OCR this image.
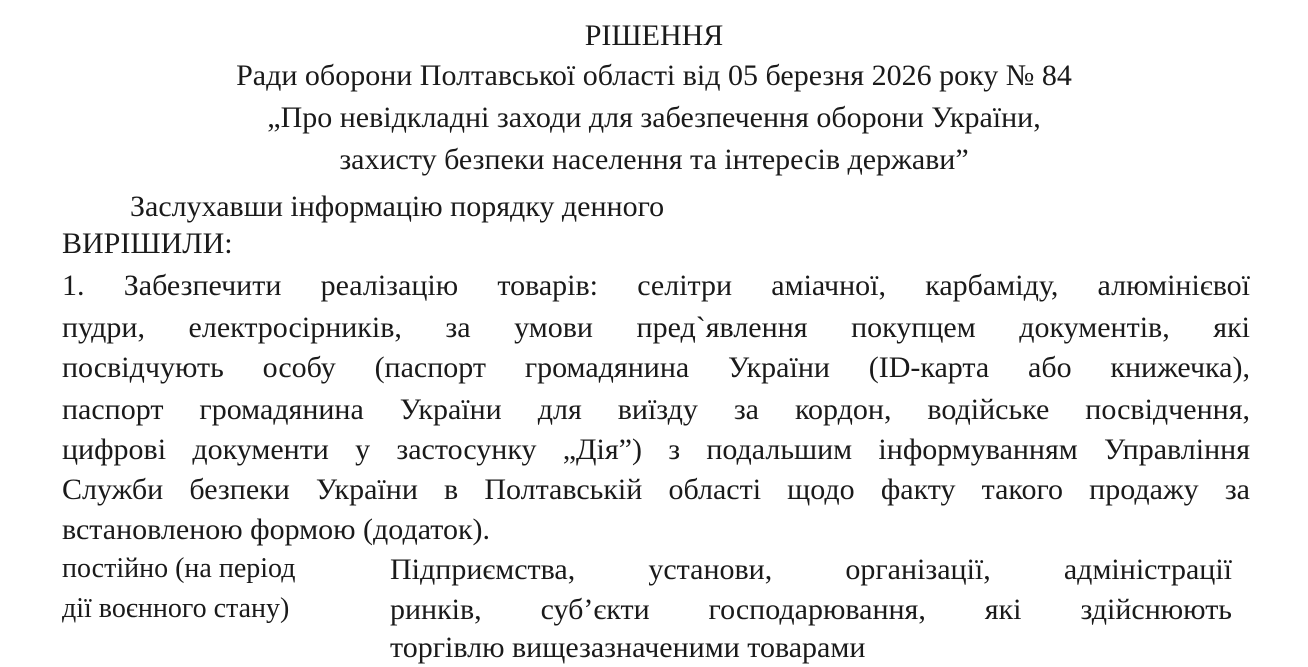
РІШЕННЯ
Ради оборони Полтавської області від 05 березня 2026 року № 84
„Про невідкладні заходи для забезпечення оборони України,
захисту безпеки населення та інтересів держави”
Заслухавши інформацію порядку денного
ВИРІШИЛИ:
1. Забезпечити реалізацію товарів: селітри аміачної, карбаміду, алюмінієвої
пудри, електросірників, за умови пред`явлення покупцем документів, які
посвідчують особу (паспорт громадянина України (ID-карта або книжечка),
паспорт громадянина України для виїзду за кордон, водійське посвідчення,
цифрові документи у застосунку „Дія”) з подальшим інформуванням Управління
Служби безпеки України в Полтавській області щодо факту такого продажу за
встановленою формою (додаток).
постійно (на період
дії воєнного стану)
Підприємства, установи, організації, адміністрації
ринків, суб’єкти господарювання, які здійснюють
торгівлю вищезазначеними товарами
